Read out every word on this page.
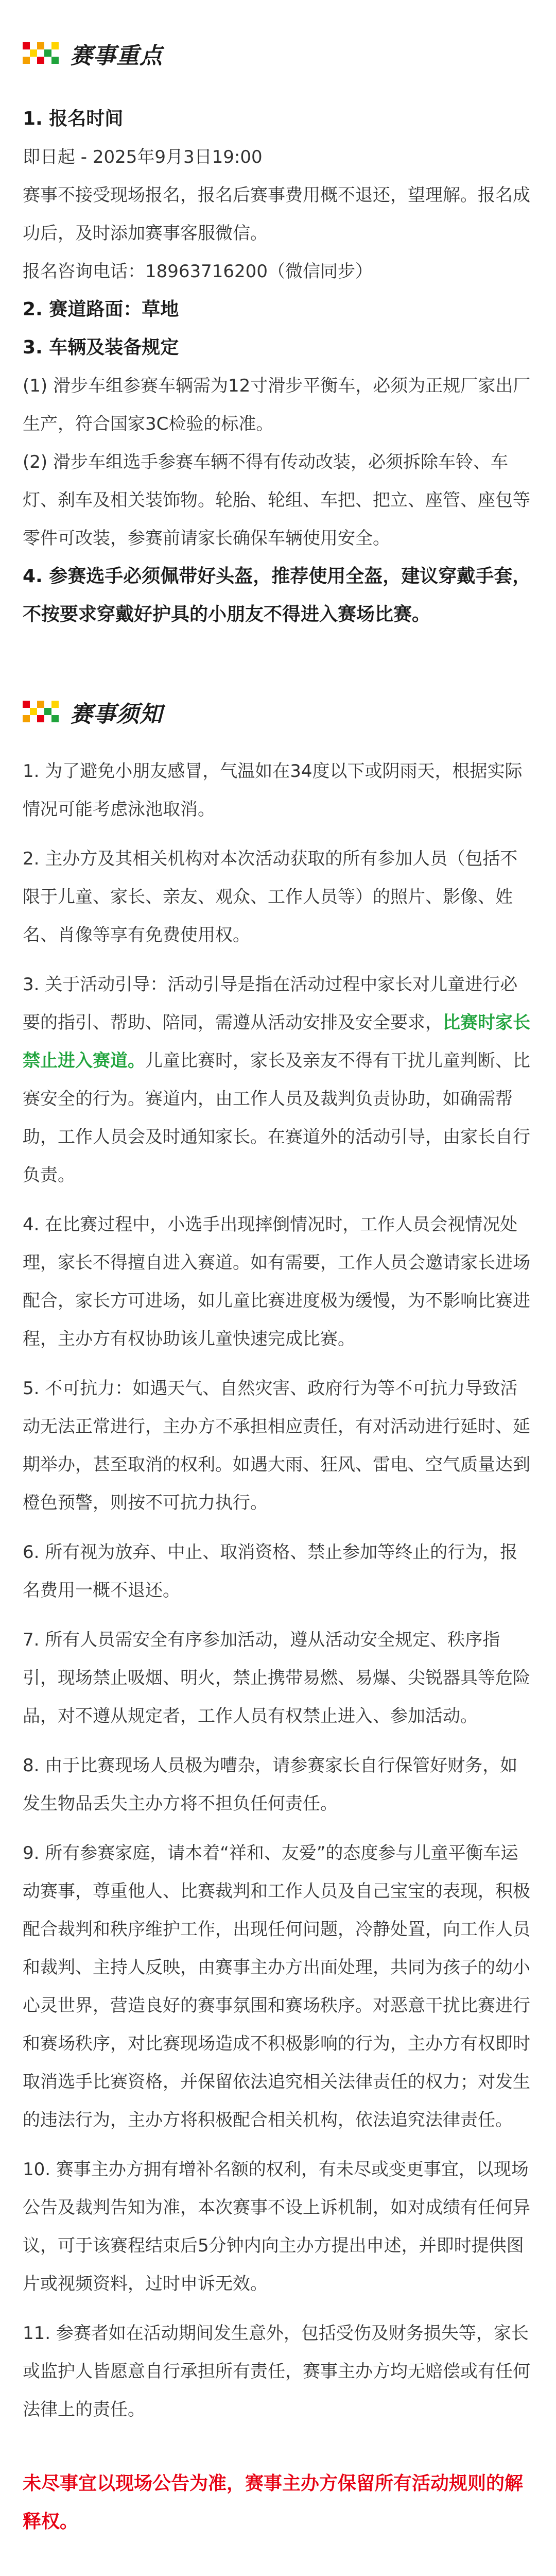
赛事重点
1. 报名时间
即日起 - 2025年9月3日19:00
赛事不接受现场报名，报名后赛事费用概不退还，望理解。报名成功后，及时添加赛事客服微信。
报名咨询电话：18963716200（微信同步）
2. 赛道路面：草地
3. 车辆及装备规定
(1) 滑步车组参赛车辆需为12寸滑步平衡车，必须为正规厂家出厂生产，符合国家3C检验的标准。
(2) 滑步车组选手参赛车辆不得有传动改装，必须拆除车铃、车灯、刹车及相关装饰物。轮胎、轮组、车把、把立、座管、座包等零件可改装，参赛前请家长确保车辆使用安全。
4. 参赛选手必须佩带好头盔，推荐使用全盔，建议穿戴手套，不按要求穿戴好护具的小朋友不得进入赛场比赛。
赛事须知
1. 为了避免小朋友感冒，气温如在34度以下或阴雨天，根据实际情况可能考虑泳池取消。
2. 主办方及其相关机构对本次活动获取的所有参加人员（包括不限于儿童、家长、亲友、观众、工作人员等）的照片、影像、姓名、肖像等享有免费使用权。
3. 关于活动引导：活动引导是指在活动过程中家长对儿童进行必要的指引、帮助、陪同，需遵从活动安排及安全要求，比赛时家长禁止进入赛道。儿童比赛时，家长及亲友不得有干扰儿童判断、比赛安全的行为。赛道内，由工作人员及裁判负责协助，如确需帮助，工作人员会及时通知家长。在赛道外的活动引导，由家长自行负责。
4. 在比赛过程中，小选手出现摔倒情况时，工作人员会视情况处理，家长不得擅自进入赛道。如有需要，工作人员会邀请家长进场配合，家长方可进场，如儿童比赛进度极为缓慢，为不影响比赛进程，主办方有权协助该儿童快速完成比赛。
5. 不可抗力：如遇天气、自然灾害、政府行为等不可抗力导致活动无法正常进行，主办方不承担相应责任，有对活动进行延时、延期举办，甚至取消的权利。如遇大雨、狂风、雷电、空气质量达到橙色预警，则按不可抗力执行。
6. 所有视为放弃、中止、取消资格、禁止参加等终止的行为，报名费用一概不退还。
7. 所有人员需安全有序参加活动，遵从活动安全规定、秩序指引，现场禁止吸烟、明火，禁止携带易燃、易爆、尖锐器具等危险品，对不遵从规定者，工作人员有权禁止进入、参加活动。
8. 由于比赛现场人员极为嘈杂，请参赛家长自行保管好财务，如发生物品丢失主办方将不担负任何责任。
9. 所有参赛家庭，请本着“祥和、友爱”的态度参与儿童平衡车运动赛事，尊重他人、比赛裁判和工作人员及自己宝宝的表现，积极配合裁判和秩序维护工作，出现任何问题，冷静处置，向工作人员和裁判、主持人反映，由赛事主办方出面处理，共同为孩子的幼小心灵世界，营造良好的赛事氛围和赛场秩序。对恶意干扰比赛进行和赛场秩序，对比赛现场造成不积极影响的行为，主办方有权即时取消选手比赛资格，并保留依法追究相关法律责任的权力；对发生的违法行为，主办方将积极配合相关机构，依法追究法律责任。
10. 赛事主办方拥有增补名额的权利，有未尽或变更事宜，以现场公告及裁判告知为准，本次赛事不设上诉机制，如对成绩有任何异议，可于该赛程结束后5分钟内向主办方提出申述，并即时提供图片或视频资料，过时申诉无效。
11. 参赛者如在活动期间发生意外，包括受伤及财务损失等，家长或监护人皆愿意自行承担所有责任，赛事主办方均无赔偿或有任何法律上的责任。
未尽事宜以现场公告为准，赛事主办方保留所有活动规则的解释权。
